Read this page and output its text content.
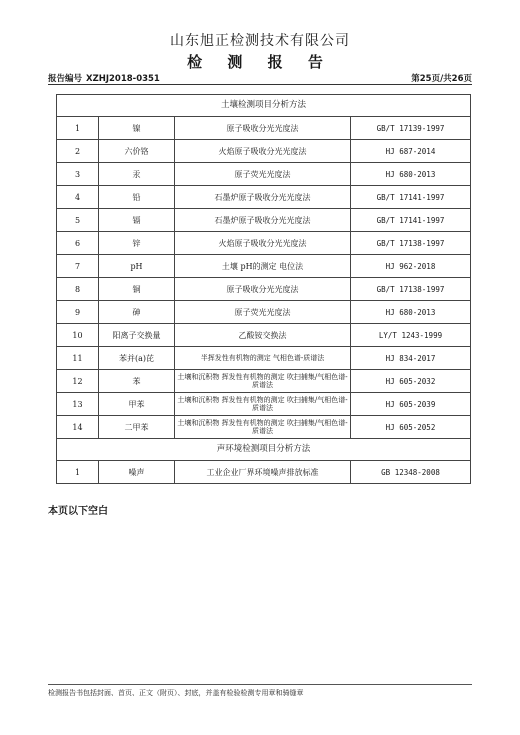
山东旭正检测技术有限公司
检 测 报 告
报告编号 XZHJ2018-0351	第25页/共26页
土壤检测项目分析方法			
1	镍	原子吸收分光光度法	GB/T 17139-1997
2	六价铬	火焰原子吸收分光光度法	HJ 687-2014
3	汞	原子荧光光度法	HJ 680-2013
4	铅	石墨炉原子吸收分光光度法	GB/T 17141-1997
5	镉	石墨炉原子吸收分光光度法	GB/T 17141-1997
6	锌	火焰原子吸收分光光度法	GB/T 17138-1997
7	pH	土壤 pH的测定 电位法	HJ 962-2018
8	铜	原子吸收分光光度法	GB/T 17138-1997
9	砷	原子荧光光度法	HJ 680-2013
10	阳离子交换量	乙酸铵交换法	LY/T 1243-1999
11	苯并(a)芘	半挥发性有机物的测定 气相色谱-质谱法	HJ 834-2017
12	苯	土壤和沉积物 挥发性有机物的测定 吹扫捕集/气相色谱-质谱法	HJ 605-2032
13	甲苯	土壤和沉积物 挥发性有机物的测定 吹扫捕集/气相色谱-质谱法	HJ 605-2039
14	二甲苯	土壤和沉积物 挥发性有机物的测定 吹扫捕集/气相色谱-质谱法	HJ 605-2052
声环境检测项目分析方法			
1	噪声	工业企业厂界环境噪声排放标准	GB 12348-2008
本页以下空白
检测报告书包括封面、首页、正文（附页）、封底，并盖有检验检测专用章和骑缝章
